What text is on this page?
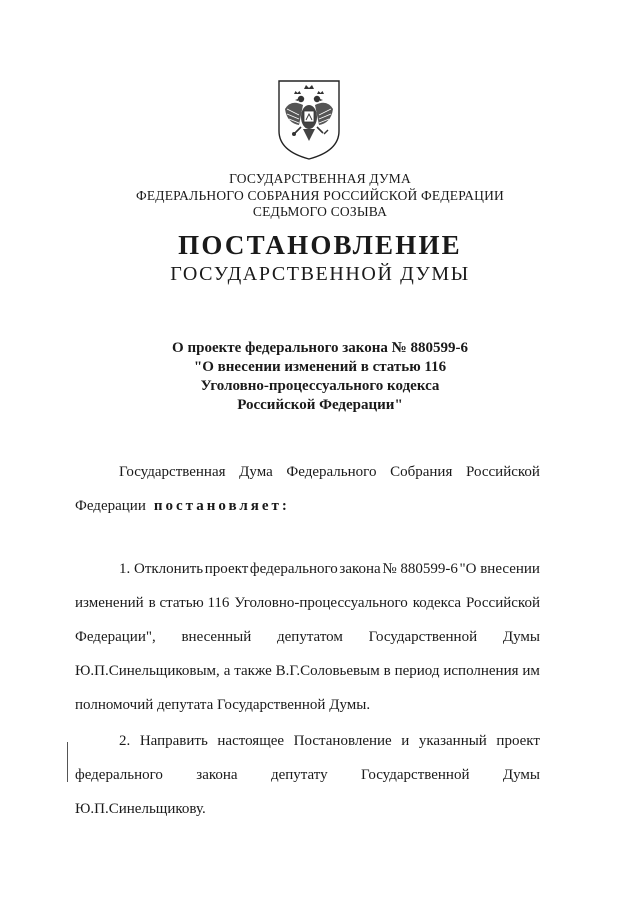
ГОСУДАРСТВЕННАЯ ДУМА
ФЕДЕРАЛЬНОГО СОБРАНИЯ РОССИЙСКОЙ ФЕДЕРАЦИИ
СЕДЬМОГО СОЗЫВА
ПОСТАНОВЛЕНИЕ
ГОСУДАРСТВЕННОЙ ДУМЫ
О проекте федерального закона № 880599-6
"О внесении изменений в статью 116
Уголовно-процессуального кодекса
Российской Федерации"
Государственная Дума Федерального Собрания Российской
Федерации постановляет:
1. Отклонить проект федерального закона № 880599-6 "О внесении
изменений в статью 116 Уголовно-процессуального кодекса Российской
Федерации", внесенный депутатом Государственной Думы
Ю.П.Синельщиковым, а также В.Г.Соловьевым в период исполнения им
полномочий депутата Государственной Думы.
2. Направить настоящее Постановление и указанный проект
федерального закона депутату Государственной Думы
Ю.П.Синельщикову.
